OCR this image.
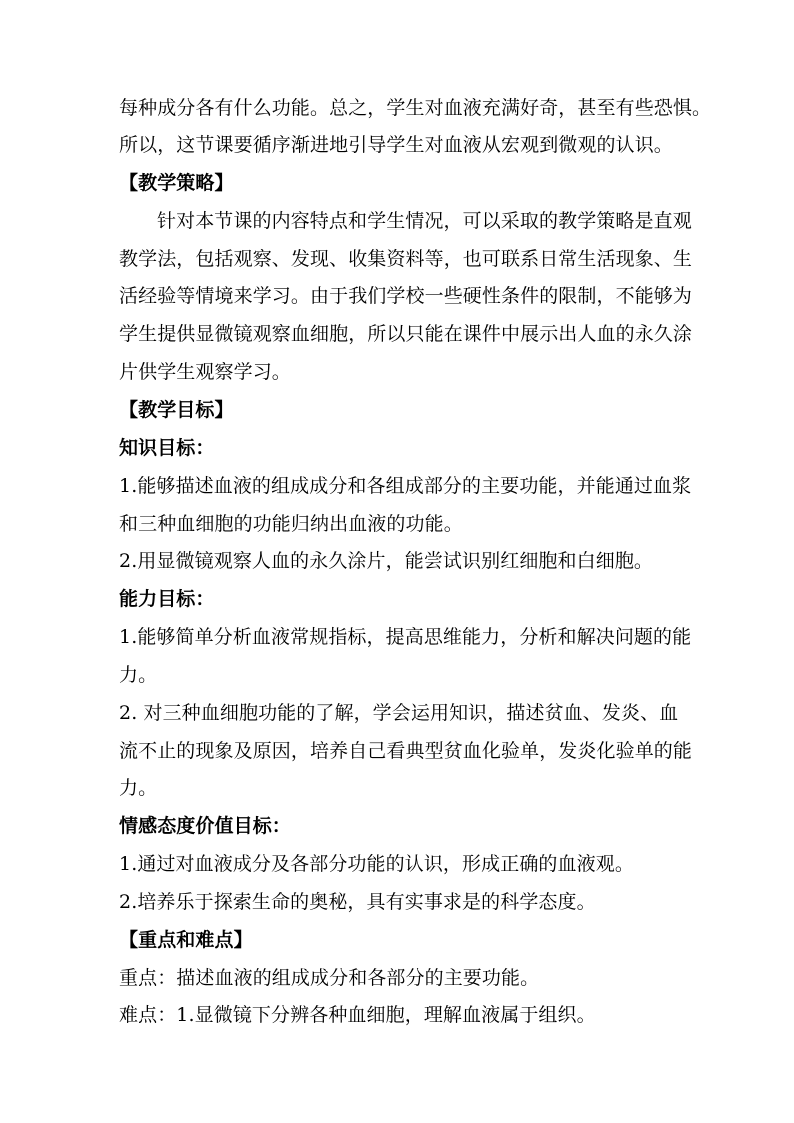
每种成分各有什么功能。总之，学生对血液充满好奇，甚至有些恐惧。
所以，这节课要循序渐进地引导学生对血液从宏观到微观的认识。
【教学策略】
针对本节课的内容特点和学生情况，可以采取的教学策略是直观
教学法，包括观察、发现、收集资料等，也可联系日常生活现象、生
活经验等情境来学习。由于我们学校一些硬性条件的限制，不能够为
学生提供显微镜观察血细胞，所以只能在课件中展示出人血的永久涂
片供学生观察学习。
【教学目标】
知识目标：
1.能够描述血液的组成成分和各组成部分的主要功能，并能通过血浆
和三种血细胞的功能归纳出血液的功能。
2.用显微镜观察人血的永久涂片，能尝试识别红细胞和白细胞。
能力目标：
1.能够简单分析血液常规指标，提高思维能力，分析和解决问题的能
力。
2. 对三种血细胞功能的了解，学会运用知识，描述贫血、发炎、血
流不止的现象及原因，培养自己看典型贫血化验单，发炎化验单的能
力。
情感态度价值目标：
1.通过对血液成分及各部分功能的认识，形成正确的血液观。
2.培养乐于探索生命的奥秘，具有实事求是的科学态度。
【重点和难点】
重点：描述血液的组成成分和各部分的主要功能。
难点：1.显微镜下分辨各种血细胞，理解血液属于组织。
